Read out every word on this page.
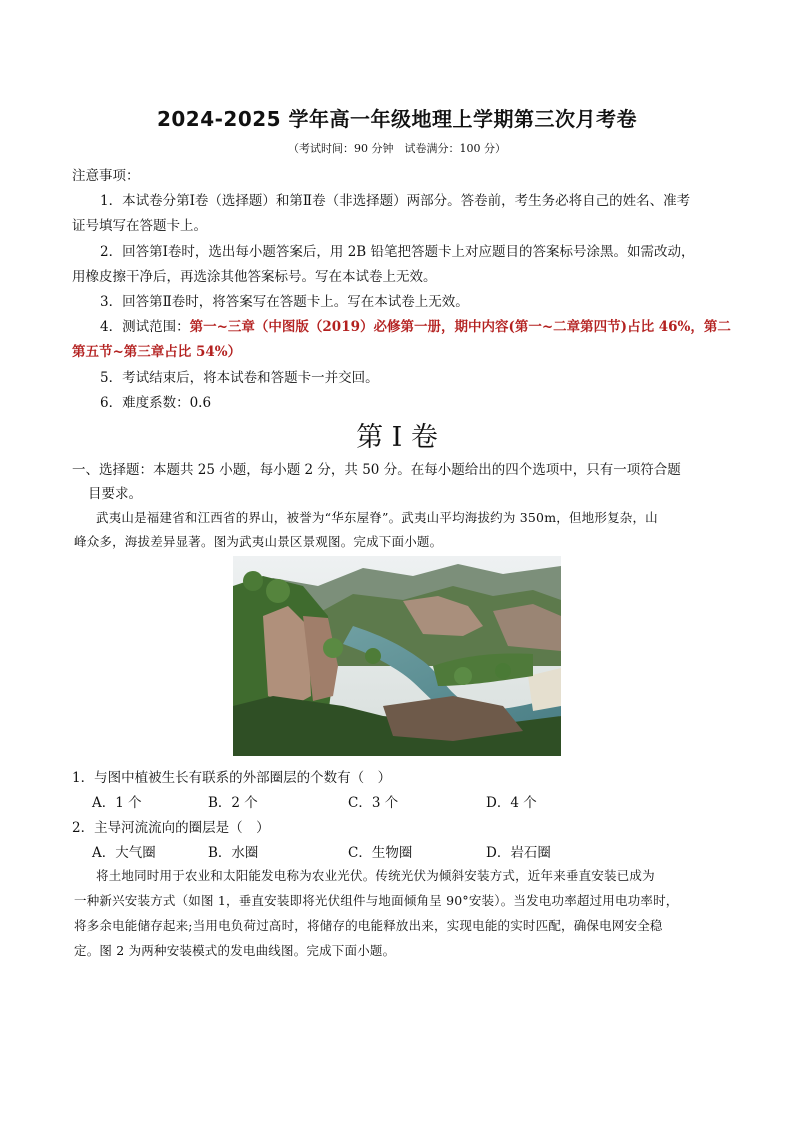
2024-2025 学年高一年级地理上学期第三次月考卷
（考试时间：90 分钟　试卷满分：100 分）
注意事项：
1．本试卷分第Ⅰ卷（选择题）和第Ⅱ卷（非选择题）两部分。答卷前，考生务必将自己的姓名、准考
证号填写在答题卡上。
2．回答第Ⅰ卷时，选出每小题答案后，用 2B 铅笔把答题卡上对应题目的答案标号涂黑。如需改动，
用橡皮擦干净后，再选涂其他答案标号。写在本试卷上无效。
3．回答第Ⅱ卷时，将答案写在答题卡上。写在本试卷上无效。
4．测试范围：第一~三章（中图版（2019）必修第一册，期中内容(第一~二章第四节)占比 46%，第二
第五节~第三章占比 54%）
5．考试结束后，将本试卷和答题卡一并交回。
6．难度系数：0.6
第 I 卷
一、选择题：本题共 25 小题，每小题 2 分，共 50 分。在每小题给出的四个选项中，只有一项符合题
目要求。
武夷山是福建省和江西省的界山，被誉为“华东屋脊”。武夷山平均海拔约为 350m，但地形复杂，山
峰众多，海拔差异显著。图为武夷山景区景观图。完成下面小题。
1．与图中植被生长有联系的外部圈层的个数有（　）
A．1 个	B．2 个	C．3 个	D．4 个
2．主导河流流向的圈层是（　）
A．大气圈	B．水圈	C．生物圈	D．岩石圈
将土地同时用于农业和太阳能发电称为农业光伏。传统光伏为倾斜安装方式，近年来垂直安装已成为
一种新兴安装方式（如图 1，垂直安装即将光伏组件与地面倾角呈 90°安装）。当发电功率超过用电功率时，
将多余电能储存起来;当用电负荷过高时，将储存的电能释放出来，实现电能的实时匹配，确保电网安全稳
定。图 2 为两种安装模式的发电曲线图。完成下面小题。
